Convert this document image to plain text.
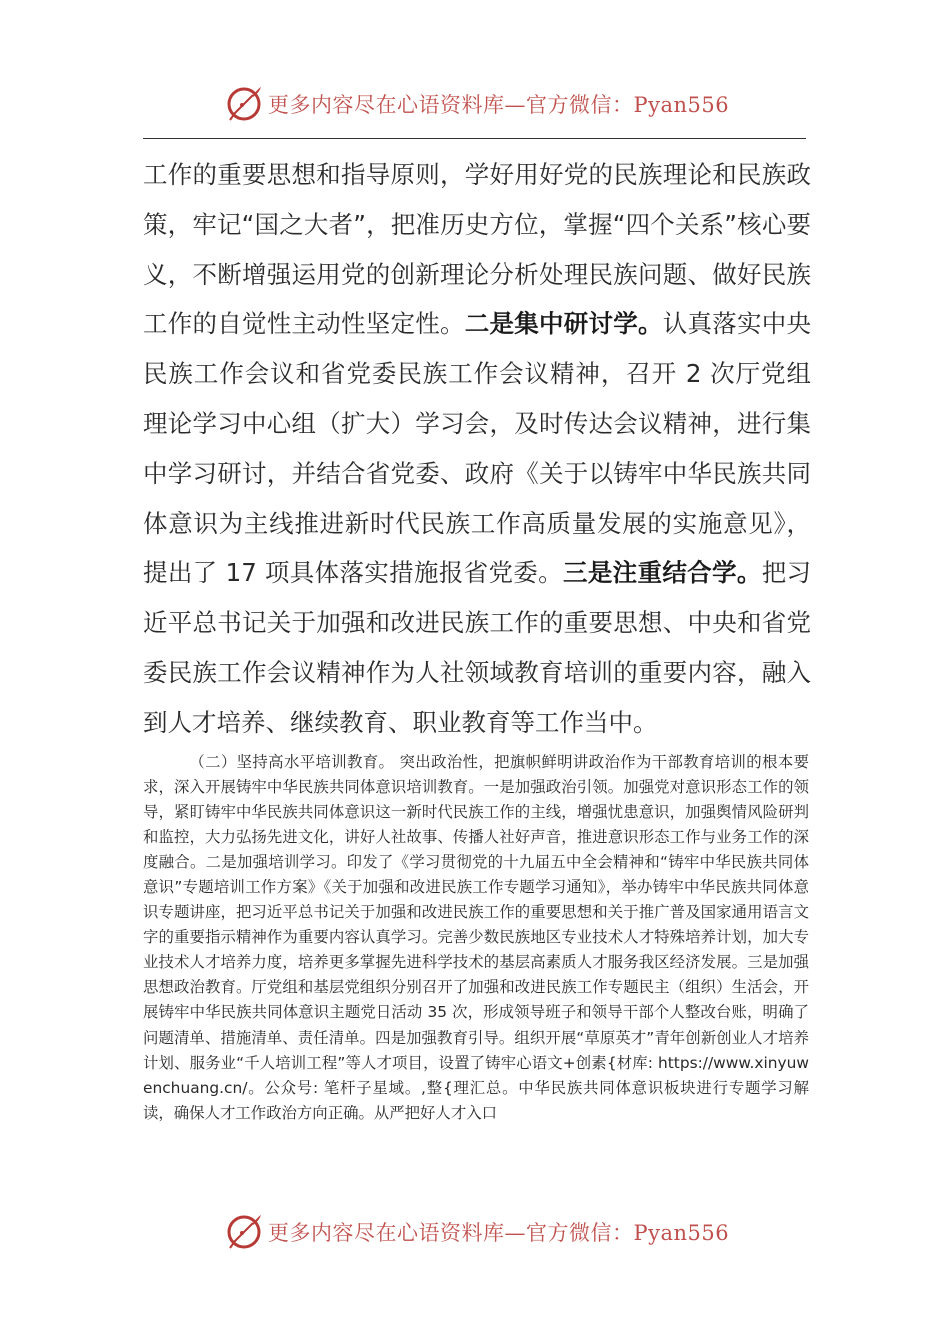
更多内容尽在心语资料库—官方微信：Pyan556
工作的重要思想和指导原则，学好用好党的民族理论和民族政策，牢记“国之大者”，把准历史方位，掌握“四个关系”核心要义，不断增强运用党的创新理论分析处理民族问题、做好民族工作的自觉性主动性坚定性。二是集中研讨学。认真落实中央民族工作会议和省党委民族工作会议精神，召开 2 次厅党组理论学习中心组（扩大）学习会，及时传达会议精神，进行集中学习研讨，并结合省党委、政府《关于以铸牢中华民族共同体意识为主线推进新时代民族工作高质量发展的实施意见》，提出了 17 项具体落实措施报省党委。三是注重结合学。把习近平总书记关于加强和改进民族工作的重要思想、中央和省党委民族工作会议精神作为人社领域教育培训的重要内容，融入到人才培养、继续教育、职业教育等工作当中。
（二）坚持高水平培训教育。 突出政治性，把旗帜鲜明讲政治作为干部教育培训的根本要求，深入开展铸牢中华民族共同体意识培训教育。一是加强政治引领。加强党对意识形态工作的领导，紧盯铸牢中华民族共同体意识这一新时代民族工作的主线，增强忧患意识，加强舆情风险研判和监控，大力弘扬先进文化，讲好人社故事、传播人社好声音，推进意识形态工作与业务工作的深度融合。二是加强培训学习。印发了《学习贯彻党的十九届五中全会精神和“铸牢中华民族共同体意识”专题培训工作方案》《关于加强和改进民族工作专题学习通知》，举办铸牢中华民族共同体意识专题讲座，把习近平总书记关于加强和改进民族工作的重要思想和关于推广普及国家通用语言文字的重要指示精神作为重要内容认真学习。完善少数民族地区专业技术人才特殊培养计划，加大专业技术人才培养力度，培养更多掌握先进科学技术的基层高素质人才服务我区经济发展。三是加强思想政治教育。厅党组和基层党组织分别召开了加强和改进民族工作专题民主（组织）生活会，开展铸牢中华民族共同体意识主题党日活动 35 次，形成领导班子和领导干部个人整改台账，明确了问题清单、措施清单、责任清单。四是加强教育引导。组织开展“草原英才”青年创新创业人才培养计划、服务业“千人培训工程”等人才项目，设置了铸牢心语文+创素{材库: https://www.xinyuwenchuang.cn/。公众号: 笔杆子星域。,整{理汇总。中华民族共同体意识板块进行专题学习解读，确保人才工作政治方向正确。从严把好人才入口
更多内容尽在心语资料库—官方微信：Pyan556
